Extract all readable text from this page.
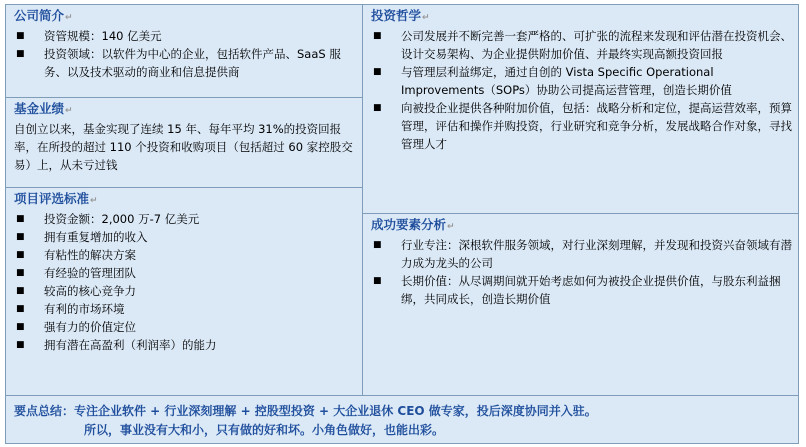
公司简介↵
■ 资管规模：140 亿美元
■ 投资领域：以软件为中心的企业，包括软件产品、SaaS 服务、以及技术驱动的商业和信息提供商
基金业绩↵

自创立以来，基金实现了连续 15 年、每年平均 31%的投资回报率，在所投的超过 110 个投资和收购项目（包括超过 60 家控股交易）上，从未亏过钱

项目评选标准↵
■ 投资金额：2,000 万-7 亿美元
■ 拥有重复增加的收入
■ 有粘性的解决方案
■ 有经验的管理团队
■ 较高的核心竞争力
■ 有利的市场环境
■ 强有力的价值定位
■ 拥有潜在高盈利（利润率）的能力
投资哲学↵
■ 公司发展并不断完善一套严格的、可扩张的流程来发现和评估潜在投资机会、设计交易架构、为企业提供附加价值、并最终实现高额投资回报
■ 与管理层利益绑定，通过自创的 Vista Specific Operational Improvements（SOPs）协助公司提高运营管理，创造长期价值
■ 向被投企业提供各种附加价值，包括：战略分析和定位，提高运营效率，预算管理，评估和操作并购投资，行业研究和竞争分析，发展战略合作对象，寻找管理人才
成功要素分析↵
■ 行业专注：深根软件服务领域，对行业深刻理解，并发现和投资兴奋领域有潜力成为龙头的公司
■ 长期价值：从尽调期间就开始考虑如何为被投企业提供价值，与股东利益捆绑，共同成长，创造长期价值
要点总结：专注企业软件 + 行业深刻理解 + 控股型投资 + 大企业退休 CEO 做专家，投后深度协同并入驻。
所以，事业没有大和小，只有做的好和坏。小角色做好，也能出彩。
